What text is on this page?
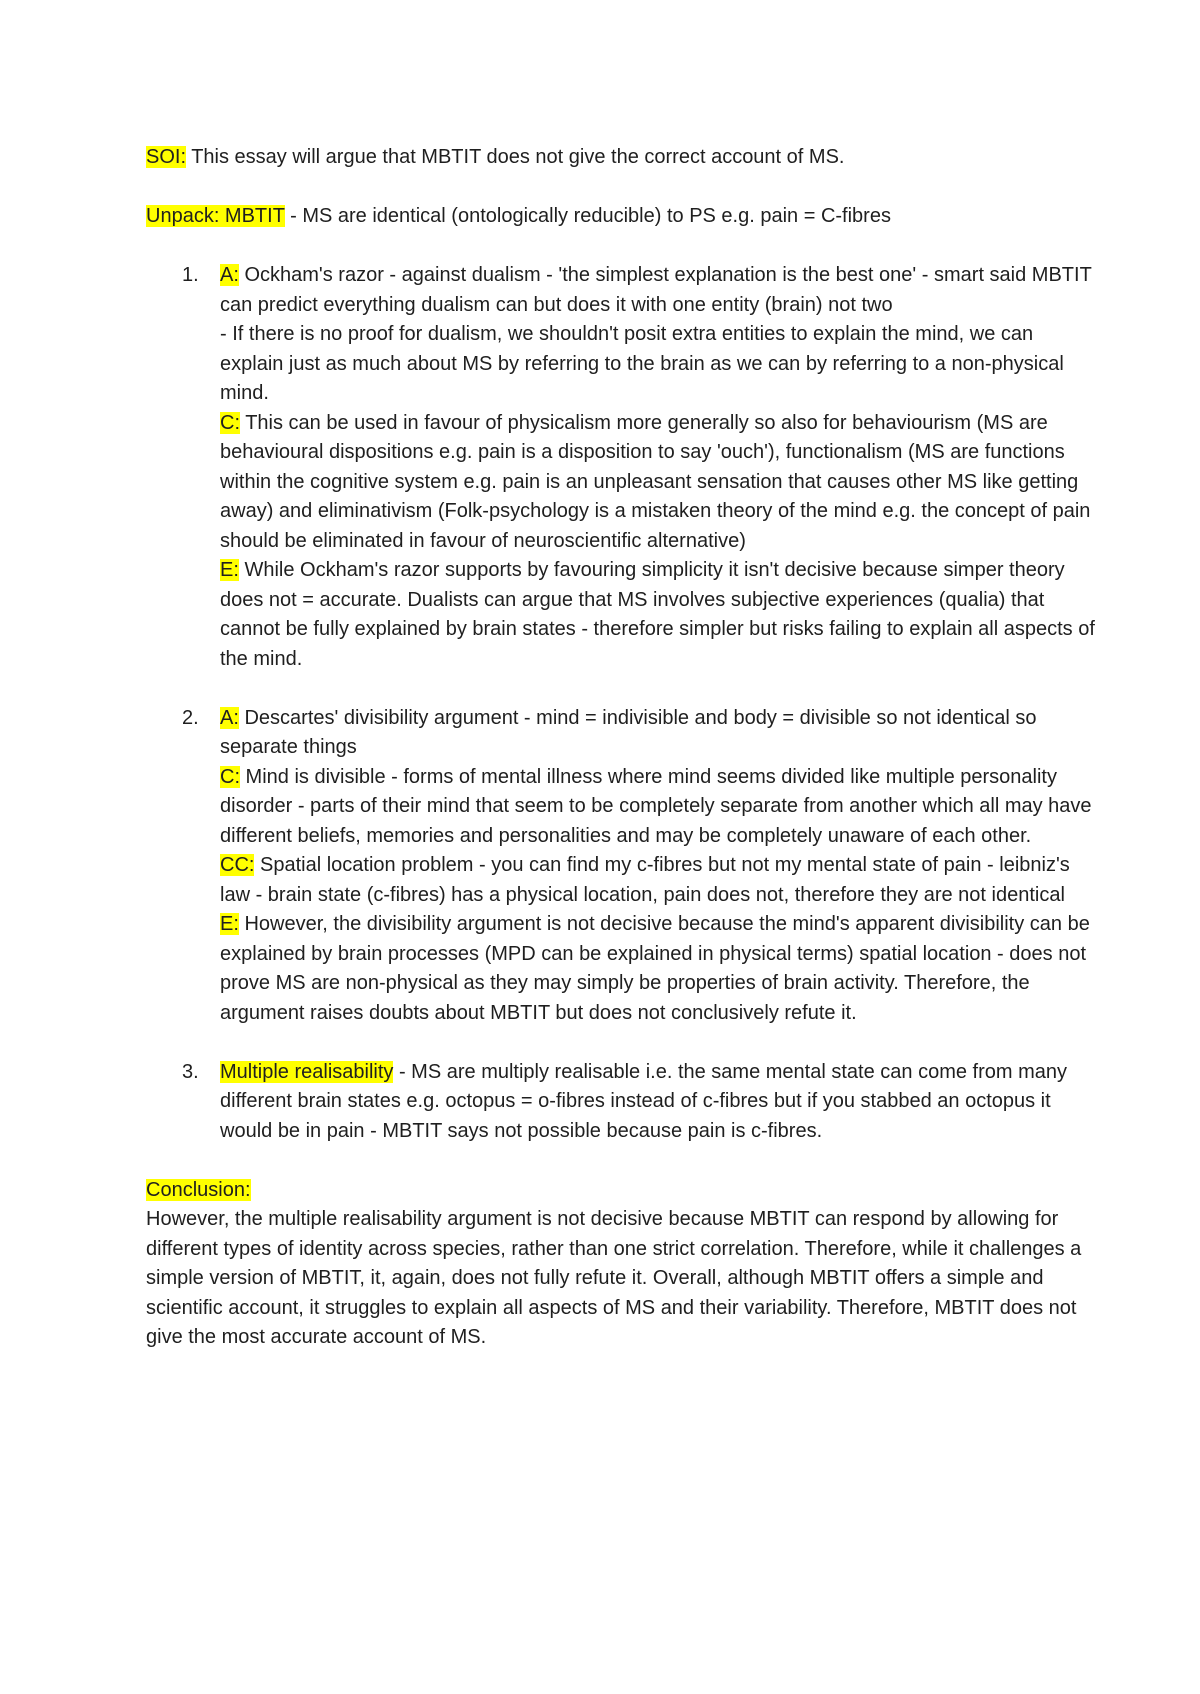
SOI: This essay will argue that MBTIT does not give the correct account of MS.

Unpack: MBTIT - MS are identical (ontologically reducible) to PS e.g. pain = C-fibres

1. A: Ockham's razor - against dualism - 'the simplest explanation is the best one' - smart said MBTIT can predict everything dualism can but does it with one entity (brain) not two
- If there is no proof for dualism, we shouldn't posit extra entities to explain the mind, we can explain just as much about MS by referring to the brain as we can by referring to a non-physical mind.
C: This can be used in favour of physicalism more generally so also for behaviourism (MS are behavioural dispositions e.g. pain is a disposition to say 'ouch'), functionalism (MS are functions within the cognitive system e.g. pain is an unpleasant sensation that causes other MS like getting away) and eliminativism (Folk-psychology is a mistaken theory of the mind e.g. the concept of pain should be eliminated in favour of neuroscientific alternative)
E: While Ockham's razor supports by favouring simplicity it isn't decisive because simper theory does not = accurate. Dualists can argue that MS involves subjective experiences (qualia) that cannot be fully explained by brain states - therefore simpler but risks failing to explain all aspects of the mind.
2. A: Descartes' divisibility argument - mind = indivisible and body = divisible so not identical so separate things
C: Mind is divisible - forms of mental illness where mind seems divided like multiple personality disorder - parts of their mind that seem to be completely separate from another which all may have different beliefs, memories and personalities and may be completely unaware of each other.
CC: Spatial location problem - you can find my c-fibres but not my mental state of pain - leibniz's law - brain state (c-fibres) has a physical location, pain does not, therefore they are not identical
E: However, the divisibility argument is not decisive because the mind's apparent divisibility can be explained by brain processes (MPD can be explained in physical terms) spatial location - does not prove MS are non-physical as they may simply be properties of brain activity. Therefore, the argument raises doubts about MBTIT but does not conclusively refute it.
3. Multiple realisability - MS are multiply realisable i.e. the same mental state can come from many different brain states e.g. octopus = o-fibres instead of c-fibres but if you stabbed an octopus it would be in pain - MBTIT says not possible because pain is c-fibres.

Conclusion:

However, the multiple realisability argument is not decisive because MBTIT can respond by allowing for different types of identity across species, rather than one strict correlation. Therefore, while it challenges a simple version of MBTIT, it, again, does not fully refute it. Overall, although MBTIT offers a simple and scientific account, it struggles to explain all aspects of MS and their variability. Therefore, MBTIT does not give the most accurate account of MS.
